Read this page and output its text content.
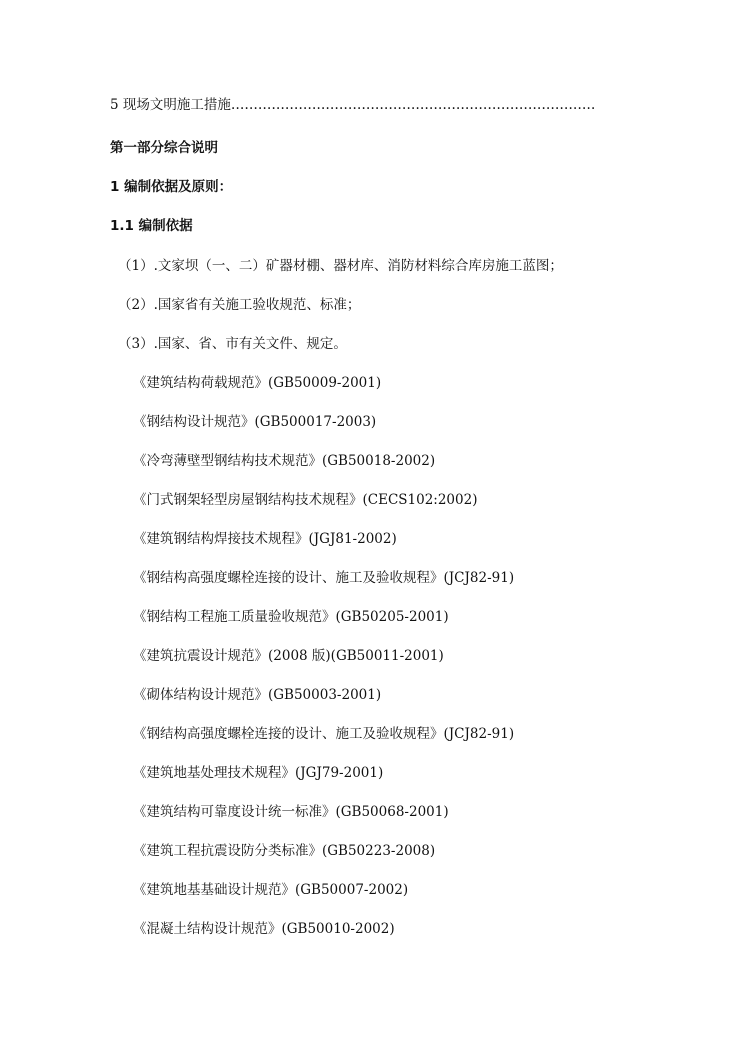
5 现场文明施工措施………………………………………………………………………
第一部分综合说明
1 编制依据及原则：
1.1 编制依据
（1）.文家坝（一、二）矿器材棚、器材库、消防材料综合库房施工蓝图；
（2）.国家省有关施工验收规范、标准；
（3）.国家、省、市有关文件、规定。
《建筑结构荷载规范》(GB50009-2001)
《钢结构设计规范》(GB500017-2003)
《冷弯薄壁型钢结构技术规范》(GB50018-2002)
《门式钢架轻型房屋钢结构技术规程》(CECS102:2002)
《建筑钢结构焊接技术规程》(JGJ81-2002)
《钢结构高强度螺栓连接的设计、施工及验收规程》(JCJ82-91)
《钢结构工程施工质量验收规范》(GB50205-2001)
《建筑抗震设计规范》(2008 版)(GB50011-2001)
《砌体结构设计规范》(GB50003-2001)
《钢结构高强度螺栓连接的设计、施工及验收规程》(JCJ82-91)
《建筑地基处理技术规程》(JGJ79-2001)
《建筑结构可靠度设计统一标准》(GB50068-2001)
《建筑工程抗震设防分类标准》(GB50223-2008)
《建筑地基基础设计规范》(GB50007-2002)
《混凝土结构设计规范》(GB50010-2002)
